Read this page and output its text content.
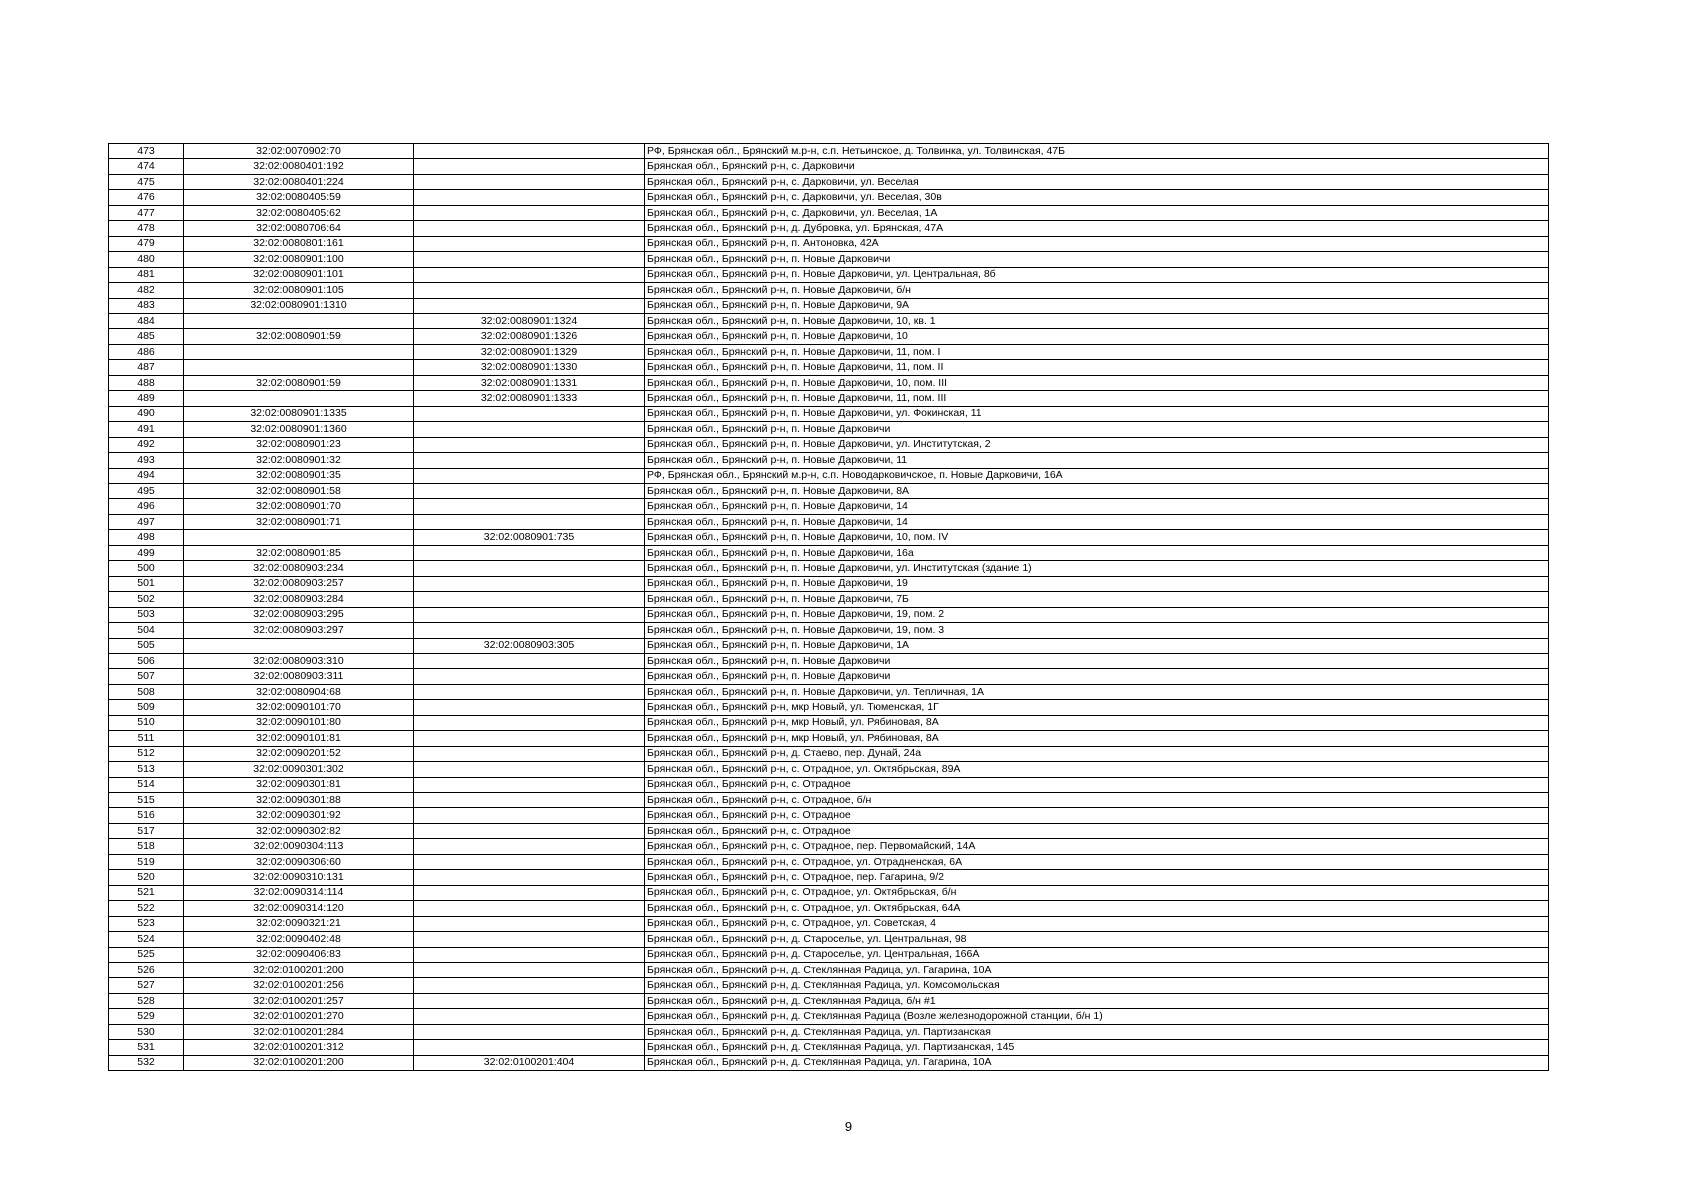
473	32:02:0070902:70		РФ, Брянская обл., Брянский м.р-н, с.п. Нетьинское, д. Толвинка, ул. Толвинская, 47Б
474	32:02:0080401:192		Брянская обл., Брянский р-н, с. Дарковичи
475	32:02:0080401:224		Брянская обл., Брянский р-н, с. Дарковичи, ул. Веселая
476	32:02:0080405:59		Брянская обл., Брянский р-н, с. Дарковичи, ул. Веселая, 30в
477	32:02:0080405:62		Брянская обл., Брянский р-н, с. Дарковичи, ул. Веселая, 1А
478	32:02:0080706:64		Брянская обл., Брянский р-н, д. Дубровка, ул. Брянская, 47А
479	32:02:0080801:161		Брянская обл., Брянский р-н, п. Антоновка, 42А
480	32:02:0080901:100		Брянская обл., Брянский р-н, п. Новые Дарковичи
481	32:02:0080901:101		Брянская обл., Брянский р-н, п. Новые Дарковичи, ул. Центральная, 8б
482	32:02:0080901:105		Брянская обл., Брянский р-н, п. Новые Дарковичи, б/н
483	32:02:0080901:1310		Брянская обл., Брянский р-н, п. Новые Дарковичи, 9А
484		32:02:0080901:1324	Брянская обл., Брянский р-н, п. Новые Дарковичи, 10, кв. 1
485	32:02:0080901:59	32:02:0080901:1326	Брянская обл., Брянский р-н, п. Новые Дарковичи, 10
486		32:02:0080901:1329	Брянская обл., Брянский р-н, п. Новые Дарковичи, 11, пом. I
487		32:02:0080901:1330	Брянская обл., Брянский р-н, п. Новые Дарковичи, 11, пом. II
488	32:02:0080901:59	32:02:0080901:1331	Брянская обл., Брянский р-н, п. Новые Дарковичи, 10, пом. III
489		32:02:0080901:1333	Брянская обл., Брянский р-н, п. Новые Дарковичи, 11, пом. III
490	32:02:0080901:1335		Брянская обл., Брянский р-н, п. Новые Дарковичи, ул. Фокинская, 11
491	32:02:0080901:1360		Брянская обл., Брянский р-н, п. Новые Дарковичи
492	32:02:0080901:23		Брянская обл., Брянский р-н, п. Новые Дарковичи, ул. Институтская, 2
493	32:02:0080901:32		Брянская обл., Брянский р-н, п. Новые Дарковичи, 11
494	32:02:0080901:35		РФ, Брянская обл., Брянский м.р-н, с.п. Новодарковичское, п. Новые Дарковичи, 16А
495	32:02:0080901:58		Брянская обл., Брянский р-н, п. Новые Дарковичи, 8А
496	32:02:0080901:70		Брянская обл., Брянский р-н, п. Новые Дарковичи, 14
497	32:02:0080901:71		Брянская обл., Брянский р-н, п. Новые Дарковичи, 14
498		32:02:0080901:735	Брянская обл., Брянский р-н, п. Новые Дарковичи, 10, пом. IV
499	32:02:0080901:85		Брянская обл., Брянский р-н, п. Новые Дарковичи, 16а
500	32:02:0080903:234		Брянская обл., Брянский р-н, п. Новые Дарковичи, ул. Институтская (здание 1)
501	32:02:0080903:257		Брянская обл., Брянский р-н, п. Новые Дарковичи, 19
502	32:02:0080903:284		Брянская обл., Брянский р-н, п. Новые Дарковичи, 7Б
503	32:02:0080903:295		Брянская обл., Брянский р-н, п. Новые Дарковичи, 19, пом. 2
504	32:02:0080903:297		Брянская обл., Брянский р-н, п. Новые Дарковичи, 19, пом. 3
505		32:02:0080903:305	Брянская обл., Брянский р-н, п. Новые Дарковичи, 1А
506	32:02:0080903:310		Брянская обл., Брянский р-н, п. Новые Дарковичи
507	32:02:0080903:311		Брянская обл., Брянский р-н, п. Новые Дарковичи
508	32:02:0080904:68		Брянская обл., Брянский р-н, п. Новые Дарковичи, ул. Тепличная, 1А
509	32:02:0090101:70		Брянская обл., Брянский р-н, мкр Новый, ул. Тюменская, 1Г
510	32:02:0090101:80		Брянская обл., Брянский р-н, мкр Новый, ул. Рябиновая, 8А
511	32:02:0090101:81		Брянская обл., Брянский р-н, мкр Новый, ул. Рябиновая, 8А
512	32:02:0090201:52		Брянская обл., Брянский р-н, д. Стаево, пер. Дунай, 24а
513	32:02:0090301:302		Брянская обл., Брянский р-н, с. Отрадное, ул. Октябрьская, 89А
514	32:02:0090301:81		Брянская обл., Брянский р-н, с. Отрадное
515	32:02:0090301:88		Брянская обл., Брянский р-н, с. Отрадное, б/н
516	32:02:0090301:92		Брянская обл., Брянский р-н, с. Отрадное
517	32:02:0090302:82		Брянская обл., Брянский р-н, с. Отрадное
518	32:02:0090304:113		Брянская обл., Брянский р-н, с. Отрадное, пер. Первомайский, 14А
519	32:02:0090306:60		Брянская обл., Брянский р-н, с. Отрадное, ул. Отрадненская, 6А
520	32:02:0090310:131		Брянская обл., Брянский р-н, с. Отрадное, пер. Гагарина, 9/2
521	32:02:0090314:114		Брянская обл., Брянский р-н, с. Отрадное, ул. Октябрьская, б/н
522	32:02:0090314:120		Брянская обл., Брянский р-н, с. Отрадное, ул. Октябрьская, 64А
523	32:02:0090321:21		Брянская обл., Брянский р-н, с. Отрадное, ул. Советская, 4
524	32:02:0090402:48		Брянская обл., Брянский р-н, д. Староселье, ул. Центральная, 98
525	32:02:0090406:83		Брянская обл., Брянский р-н, д. Староселье, ул. Центральная, 166А
526	32:02:0100201:200		Брянская обл., Брянский р-н, д. Стеклянная Радица, ул. Гагарина, 10А
527	32:02:0100201:256		Брянская обл., Брянский р-н, д. Стеклянная Радица, ул. Комсомольская
528	32:02:0100201:257		Брянская обл., Брянский р-н, д. Стеклянная Радица, б/н #1
529	32:02:0100201:270		Брянская обл., Брянский р-н, д. Стеклянная Радица (Возле железнодорожной станции, б/н 1)
530	32:02:0100201:284		Брянская обл., Брянский р-н, д. Стеклянная Радица, ул. Партизанская
531	32:02:0100201:312		Брянская обл., Брянский р-н, д. Стеклянная Радица, ул. Партизанская, 145
532	32:02:0100201:200	32:02:0100201:404	Брянская обл., Брянский р-н, д. Стеклянная Радица, ул. Гагарина, 10А
9
